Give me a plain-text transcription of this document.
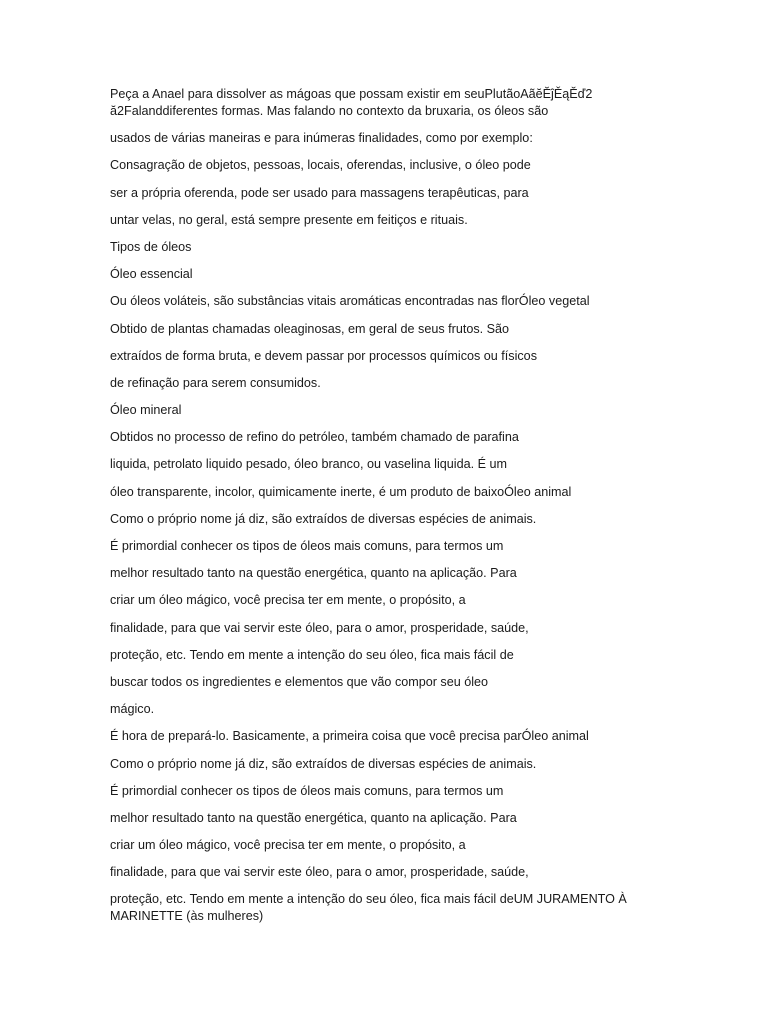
Peça a Anael para dissolver as mágoas que possam existir em seuPlutãoAãĕĔĵĚąĔď2
ă2Falanddiferentes formas. Mas falando no contexto da bruxaria, os óleos são
usados de várias maneiras e para inúmeras finalidades, como por exemplo:
Consagração de objetos, pessoas, locais, oferendas, inclusive, o óleo pode
ser a própria oferenda, pode ser usado para massagens terapêuticas, para
untar velas, no geral, está sempre presente em feitiços e rituais.
Tipos de óleos
Óleo essencial
Ou óleos voláteis, são substâncias vitais aromáticas encontradas nas florÓleo vegetal
Obtido de plantas chamadas oleaginosas, em geral de seus frutos. São
extraídos de forma bruta, e devem passar por processos químicos ou físicos
de refinação para serem consumidos.
Óleo mineral
Obtidos no processo de refino do petróleo, também chamado de parafina
liquida, petrolato liquido pesado, óleo branco, ou vaselina liquida. É um
óleo transparente, incolor, quimicamente inerte, é um produto de baixoÓleo animal
Como o próprio nome já diz, são extraídos de diversas espécies de animais.
É primordial conhecer os tipos de óleos mais comuns, para termos um
melhor resultado tanto na questão energética, quanto na aplicação. Para
criar um óleo mágico, você precisa ter em mente, o propósito, a
finalidade, para que vai servir este óleo, para o amor, prosperidade, saúde,
proteção, etc. Tendo em mente a intenção do seu óleo, fica mais fácil de
buscar todos os ingredientes e elementos que vão compor seu óleo
mágico.
É hora de prepará-lo. Basicamente, a primeira coisa que você precisa parÓleo animal
Como o próprio nome já diz, são extraídos de diversas espécies de animais.
É primordial conhecer os tipos de óleos mais comuns, para termos um
melhor resultado tanto na questão energética, quanto na aplicação. Para
criar um óleo mágico, você precisa ter em mente, o propósito, a
finalidade, para que vai servir este óleo, para o amor, prosperidade, saúde,
proteção, etc. Tendo em mente a intenção do seu óleo, fica mais fácil deUM JURAMENTO À
MARINETTE (às mulheres)
